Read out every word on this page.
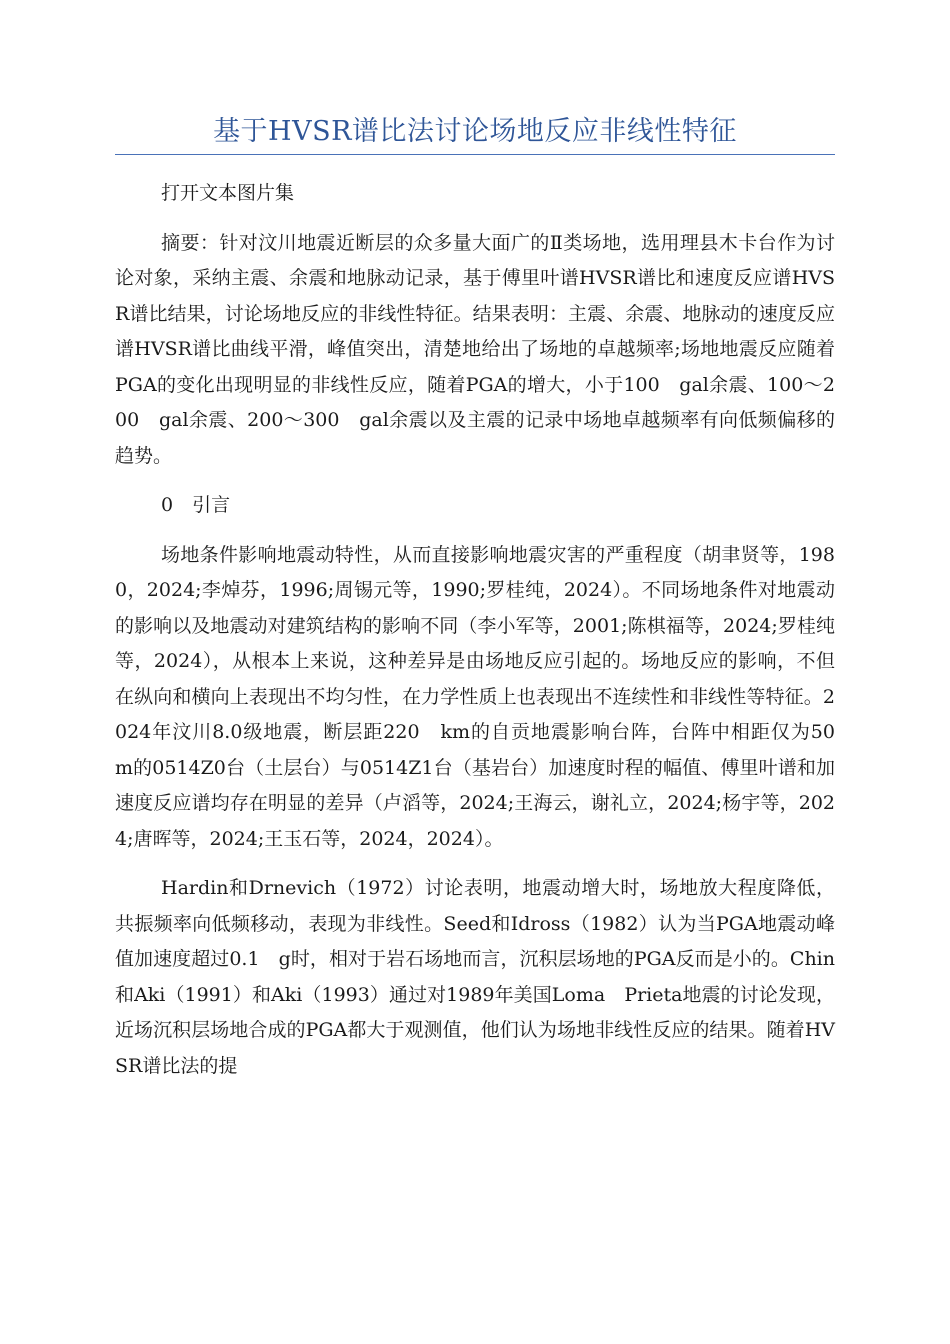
基于HVSR谱比法讨论场地反应非线性特征

打开文本图片集

摘要：针对汶川地震近断层的众多量大面广的Ⅱ类场地，选用理县木卡台作为讨论对象，采纳主震、余震和地脉动记录，基于傅里叶谱HVSR谱比和速度反应谱HVSR谱比结果，讨论场地反应的非线性特征。结果表明：主震、余震、地脉动的速度反应谱HVSR谱比曲线平滑，峰值突出，清楚地给出了场地的卓越频率;场地地震反应随着PGA的变化出现明显的非线性反应，随着PGA的增大，小于100　gal余震、100～200　gal余震、200～300　gal余震以及主震的记录中场地卓越频率有向低频偏移的趋势。

0　引言

场地条件影响地震动特性，从而直接影响地震灾害的严重程度（胡聿贤等，1980，2024;李焯芬，1996;周锡元等，1990;罗桂纯，2024）。不同场地条件对地震动的影响以及地震动对建筑结构的影响不同（李小军等，2001;陈棋福等，2024;罗桂纯等，2024），从根本上来说，这种差异是由场地反应引起的。场地反应的影响，不但在纵向和横向上表现出不均匀性，在力学性质上也表现出不连续性和非线性等特征。2024年汶川8.0级地震，断层距220　km的自贡地震影响台阵，台阵中相距仅为50　m的0514Z0台（土层台）与0514Z1台（基岩台）加速度时程的幅值、傅里叶谱和加速度反应谱均存在明显的差异（卢滔等，2024;王海云，谢礼立，2024;杨宇等，2024;唐晖等，2024;王玉石等，2024，2024）。

Hardin和Drnevich（1972）讨论表明，地震动增大时，场地放大程度降低，共振频率向低频移动，表现为非线性。Seed和Idross（1982）认为当PGA地震动峰值加速度超过0.1　g时，相对于岩石场地而言，沉积层场地的PGA反而是小的。Chin和Aki（1991）和Aki（1993）通过对1989年美国Loma　Prieta地震的讨论发现，近场沉积层场地合成的PGA都大于观测值，他们认为场地非线性反应的结果。随着HVSR谱比法的提
